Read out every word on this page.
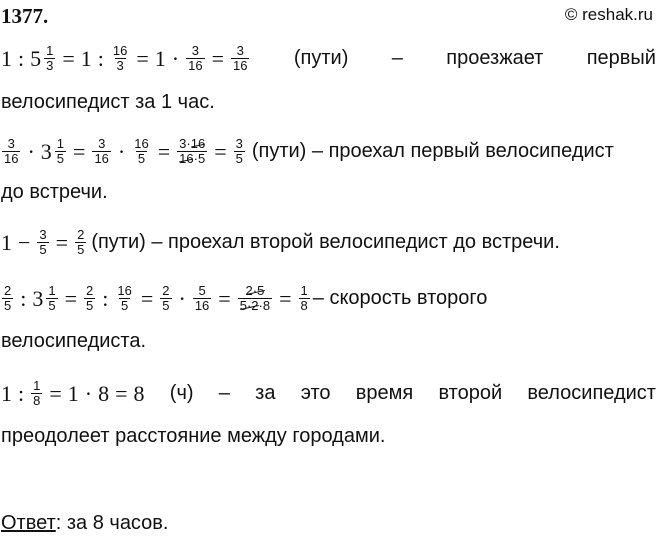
1377.	© reshak.ru
1 : $5 \frac{1}{3} = 1$ : $\frac{16}{3} = 1 \cdot \frac{3}{16} = \frac{3}{16}$ (пути) – проезжает первый
велосипедист за 1 час.
$\frac{3}{16} \cdot 3 \frac{1}{5} = \frac{3}{16} \cdot \frac{16}{5} = \frac{3\cdot 16}{16\cdot 5} = \frac{3}{5}$ (пути) – проехал первый велосипедист
до встречи.
$1 - \frac{3}{5} = \frac{2}{5}$ (пути) – проехал второй велосипедист до встречи.
$\frac{2}{5}$ : $3 \frac{1}{5} = \frac{2}{5}$ : $\frac{16}{5} = \frac{2}{5} \cdot \frac{5}{16} = \frac{2\cdot 5}{5\cdot 2\cdot 8} = \frac{1}{8}$ – скорость второго
велосипедиста.
1 : $\frac{1}{8} = 1 \cdot 8 = 8$ (ч) – за это время второй велосипедист
преодолеет расстояние между городами.
Ответ: за 8 часов.
